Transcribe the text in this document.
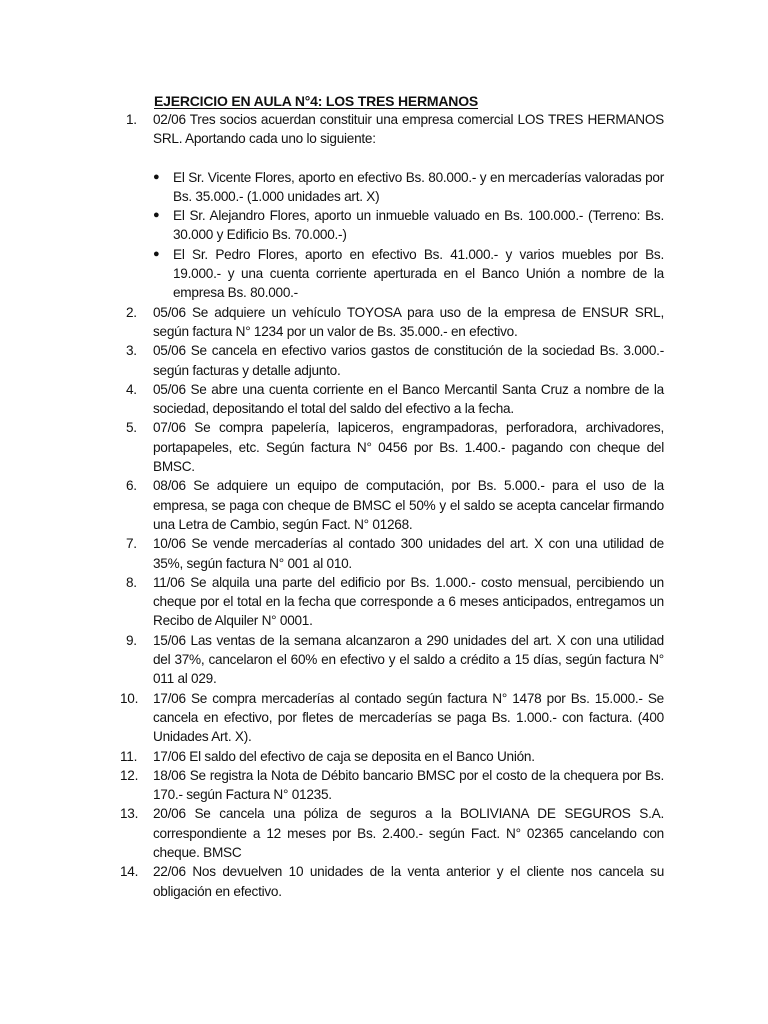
EJERCICIO EN AULA N°4: LOS TRES HERMANOS
1.	02/06 Tres socios acuerdan constituir una empresa comercial LOS TRES HERMANOS SRL. Aportando cada uno lo siguiente:
● El Sr. Vicente Flores, aporto en efectivo Bs. 80.000.- y en mercaderías valoradas por Bs. 35.000.- (1.000 unidades art. X)
● El Sr. Alejandro Flores, aporto un inmueble valuado en Bs. 100.000.- (Terreno: Bs. 30.000 y Edificio Bs. 70.000.-)
● El Sr. Pedro Flores, aporto en efectivo Bs. 41.000.- y varios muebles por Bs. 19.000.- y una cuenta corriente aperturada en el Banco Unión a nombre de la empresa Bs. 80.000.-
2.	05/06 Se adquiere un vehículo TOYOSA para uso de la empresa de ENSUR SRL, según factura N° 1234 por un valor de Bs. 35.000.- en efectivo.
3.	05/06 Se cancela en efectivo varios gastos de constitución de la sociedad Bs. 3.000.- según facturas y detalle adjunto.
4.	05/06 Se abre una cuenta corriente en el Banco Mercantil Santa Cruz a nombre de la sociedad, depositando el total del saldo del efectivo a la fecha.
5.	07/06 Se compra papelería, lapiceros, engrampadoras, perforadora, archivadores, portapapeles, etc. Según factura N° 0456 por Bs. 1.400.- pagando con cheque del BMSC.
6.	08/06 Se adquiere un equipo de computación, por Bs. 5.000.- para el uso de la empresa, se paga con cheque de BMSC el 50% y el saldo se acepta cancelar firmando una Letra de Cambio, según Fact. N° 01268.
7.	10/06 Se vende mercaderías al contado 300 unidades del art. X con una utilidad de 35%, según factura N° 001 al 010.
8.	11/06 Se alquila una parte del edificio por Bs. 1.000.- costo mensual, percibiendo un cheque por el total en la fecha que corresponde a 6 meses anticipados, entregamos un Recibo de Alquiler N° 0001.
9.	15/06 Las ventas de la semana alcanzaron a 290 unidades del art. X con una utilidad del 37%, cancelaron el 60% en efectivo y el saldo a crédito a 15 días, según factura N° 011 al 029.
10.	17/06 Se compra mercaderías al contado según factura N° 1478 por Bs. 15.000.- Se cancela en efectivo, por fletes de mercaderías se paga Bs. 1.000.- con factura. (400 Unidades Art. X).
11.	17/06 El saldo del efectivo de caja se deposita en el Banco Unión.
12.	18/06 Se registra la Nota de Débito bancario BMSC por el costo de la chequera por Bs. 170.- según Factura N° 01235.
13.	20/06 Se cancela una póliza de seguros a la BOLIVIANA DE SEGUROS S.A. correspondiente a 12 meses por Bs. 2.400.- según Fact. N° 02365 cancelando con cheque. BMSC
14.	22/06 Nos devuelven 10 unidades de la venta anterior y el cliente nos cancela su obligación en efectivo.
